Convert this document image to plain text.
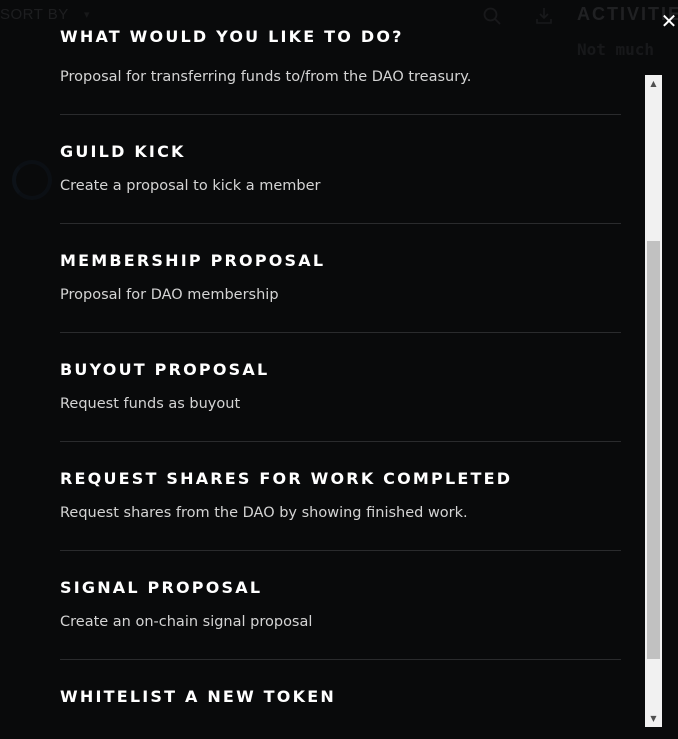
✕
WHAT WOULD YOU LIKE TO DO?
Proposal for transferring funds to/from the DAO treasury.
GUILD KICK
Create a proposal to kick a member
MEMBERSHIP PROPOSAL
Proposal for DAO membership
BUYOUT PROPOSAL
Request funds as buyout
REQUEST SHARES FOR WORK COMPLETED
Request shares from the DAO by showing finished work.
SIGNAL PROPOSAL
Create an on-chain signal proposal
WHITELIST A NEW TOKEN
▲
▼
